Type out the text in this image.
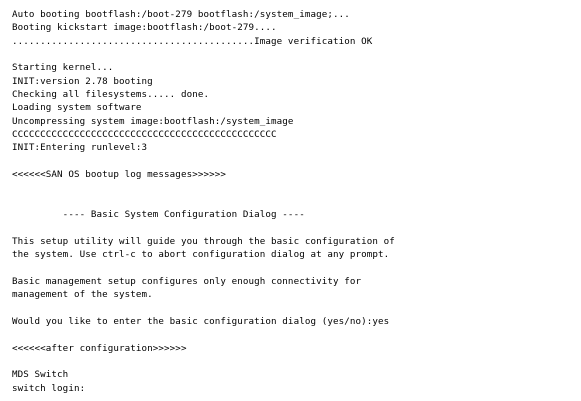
Auto booting bootflash:/boot-279 bootflash:/system_image;...
Booting kickstart image:bootflash:/boot-279....
...........................................Image verification OK
Starting kernel...
INIT:version 2.78 booting
Checking all filesystems..... done.
Loading system software
Uncompressing system image:bootflash:/system_image
CCCCCCCCCCCCCCCCCCCCCCCCCCCCCCCCCCCCCCCCCCCCCCC
INIT:Entering runlevel:3
<<<<<<SAN OS bootup log messages>>>>>>
---- Basic System Configuration Dialog ----
This setup utility will guide you through the basic configuration of
the system. Use ctrl-c to abort configuration dialog at any prompt.
Basic management setup configures only enough connectivity for
management of the system.
Would you like to enter the basic configuration dialog (yes/no):yes
<<<<<<after configuration>>>>>>
MDS Switch
switch login:
